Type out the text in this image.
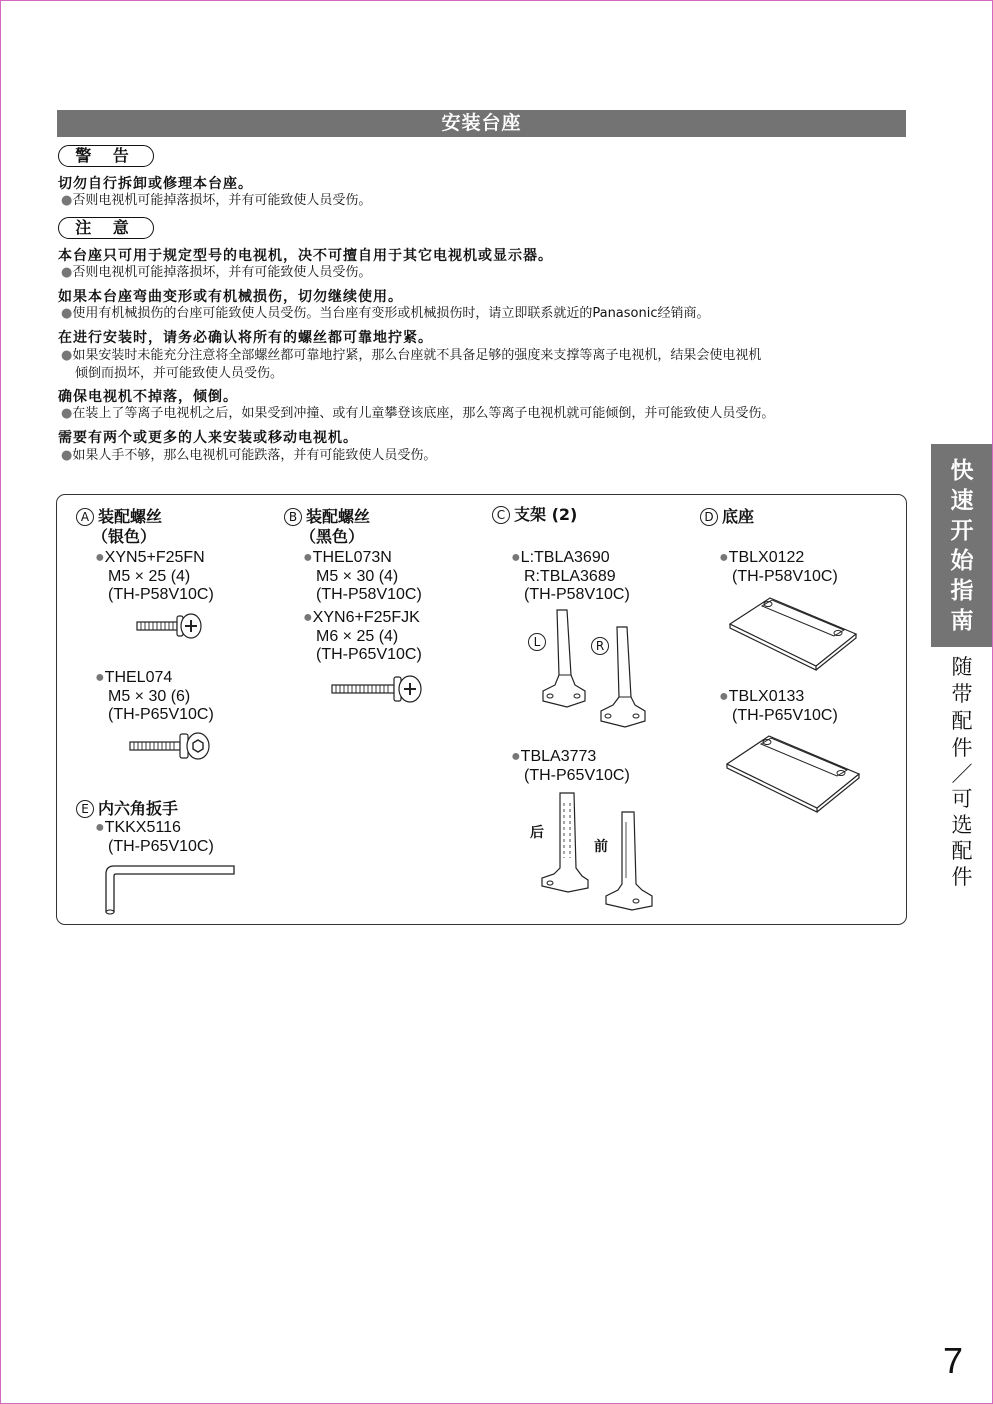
安装台座
警 告
切勿自行拆卸或修理本台座。
●否则电视机可能掉落损坏，并有可能致使人员受伤。
注 意
本台座只可用于规定型号的电视机，决不可擅自用于其它电视机或显示器。
●否则电视机可能掉落损坏，并有可能致使人员受伤。
如果本台座弯曲变形或有机械损伤，切勿继续使用。
●使用有机械损伤的台座可能致使人员受伤。当台座有变形或机械损伤时，请立即联系就近的Panasonic经销商。
在进行安装时，请务必确认将所有的螺丝都可靠地拧紧。
●如果安装时未能充分注意将全部螺丝都可靠地拧紧，那么台座就不具备足够的强度来支撑等离子电视机，结果会使电视机
倾倒而损坏，并可能致使人员受伤。
确保电视机不掉落，倾倒。
●在装上了等离子电视机之后，如果受到冲撞、或有儿童攀登该底座，那么等离子电视机就可能倾倒，并可能致使人员受伤。
需要有两个或更多的人来安装或移动电视机。
●如果人手不够，那么电视机可能跌落，并有可能致使人员受伤。
A 装配螺丝
（银色）
●XYN5+F25FN
M5 × 25 (4)
(TH-P58V10C)
●THEL074
M5 × 30 (6)
(TH-P65V10C)
E 内六角扳手
●TKKX5116
(TH-P65V10C)
B 装配螺丝
（黑色）
●THEL073N
M5 × 30 (4)
(TH-P58V10C)
●XYN6+F25FJK
M6 × 25 (4)
(TH-P65V10C)
C 支架 (2)
●L:TBLA3690
R:TBLA3689
(TH-P58V10C)
L	R
●TBLA3773
(TH-P65V10C)
后
前
D 底座
●TBLX0122
(TH-P58V10C)
●TBLX0133
(TH-P65V10C)
快
速
开
始
指
南
随
带
配
件
／
可
选
配
件
7
